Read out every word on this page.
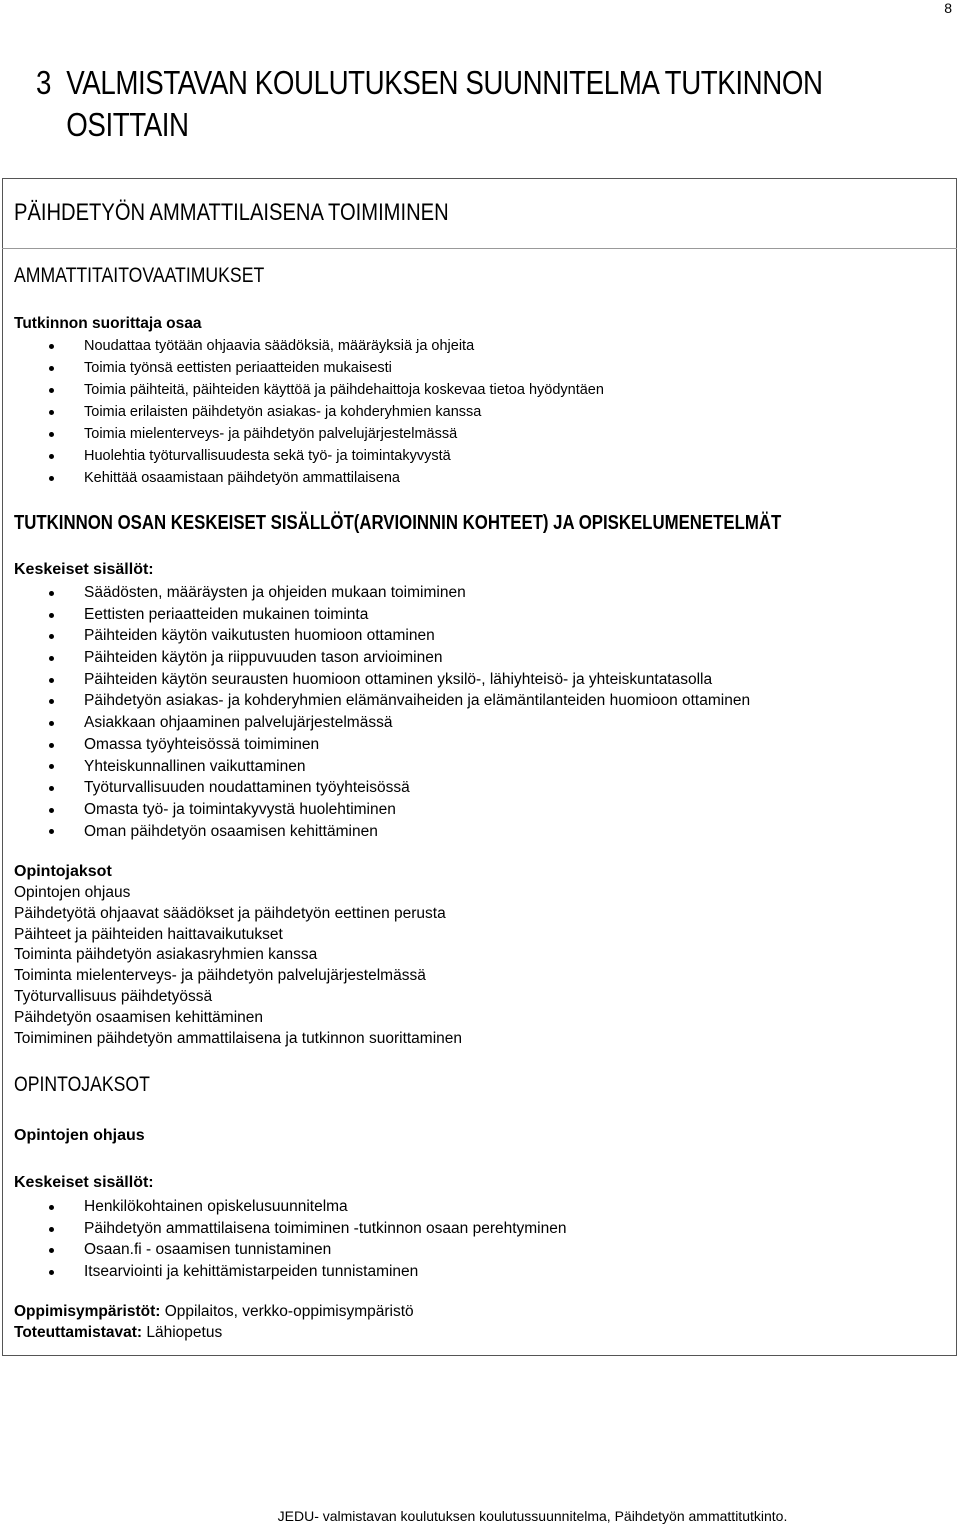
8
3 VALMISTAVAN KOULUTUKSEN SUUNNITELMA TUTKINNON
OSITTAIN
PÄIHDETYÖN AMMATTILAISENA TOIMIMINEN
AMMATTITAITOVAATIMUKSET
Tutkinnon suorittaja osaa
Noudattaa työtään ohjaavia säädöksiä, määräyksiä ja ohjeita
Toimia työnsä eettisten periaatteiden mukaisesti
Toimia päihteitä, päihteiden käyttöä ja päihdehaittoja koskevaa tietoa hyödyntäen
Toimia erilaisten päihdetyön asiakas- ja kohderyhmien kanssa
Toimia mielenterveys- ja päihdetyön palvelujärjestelmässä
Huolehtia työturvallisuudesta sekä työ- ja toimintakyvystä
Kehittää osaamistaan päihdetyön ammattilaisena
TUTKINNON OSAN KESKEISET SISÄLLÖT(ARVIOINNIN KOHTEET) JA OPISKELUMENETELMÄT
Keskeiset sisällöt:
Säädösten, määräysten ja ohjeiden mukaan toimiminen
Eettisten periaatteiden mukainen toiminta
Päihteiden käytön vaikutusten huomioon ottaminen
Päihteiden käytön ja riippuvuuden tason arvioiminen
Päihteiden käytön seurausten huomioon ottaminen yksilö-, lähiyhteisö- ja yhteiskuntatasolla
Päihdetyön asiakas- ja kohderyhmien elämänvaiheiden ja elämäntilanteiden huomioon ottaminen
Asiakkaan ohjaaminen palvelujärjestelmässä
Omassa työyhteisössä toimiminen
Yhteiskunnallinen vaikuttaminen
Työturvallisuuden noudattaminen työyhteisössä
Omasta työ- ja toimintakyvystä huolehtiminen
Oman päihdetyön osaamisen kehittäminen
Opintojaksot
Opintojen ohjaus
Päihdetyötä ohjaavat säädökset ja päihdetyön eettinen perusta
Päihteet ja päihteiden haittavaikutukset
Toiminta päihdetyön asiakasryhmien kanssa
Toiminta mielenterveys- ja päihdetyön palvelujärjestelmässä
Työturvallisuus päihdetyössä
Päihdetyön osaamisen kehittäminen
Toimiminen päihdetyön ammattilaisena ja tutkinnon suorittaminen
OPINTOJAKSOT
Opintojen ohjaus
Keskeiset sisällöt:
Henkilökohtainen opiskelusuunnitelma
Päihdetyön ammattilaisena toimiminen -tutkinnon osaan perehtyminen
Osaan.fi - osaamisen tunnistaminen
Itsearviointi ja kehittämistarpeiden tunnistaminen
Oppimisympäristöt: Oppilaitos, verkko-oppimisympäristö
Toteuttamistavat: Lähiopetus
JEDU- valmistavan koulutuksen koulutussuunnitelma, Päihdetyön ammattitutkinto.
